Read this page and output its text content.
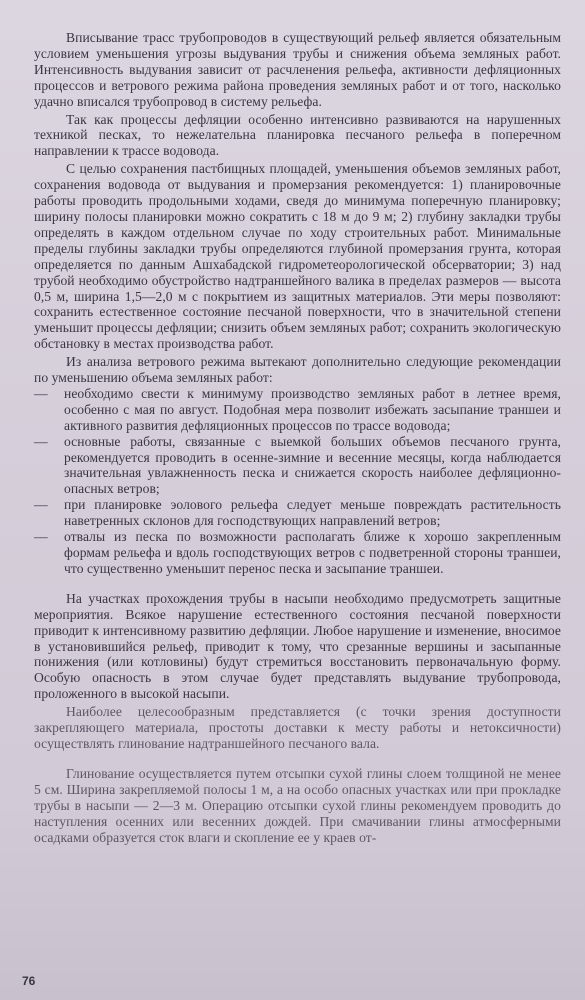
Вписывание трасс трубопроводов в существующий рельеф является обязательным условием уменьшения угрозы выдувания трубы и снижения объема земляных работ. Интенсивность выдувания зависит от расчленения рельефа, активности дефляционных процессов и ветрового режима района проведения земляных работ и от того, насколько удачно вписался трубопровод в систему рельефа.

Так как процессы дефляции особенно интенсивно развиваются на нарушенных техникой песках, то нежелательна планировка песчаного рельефа в поперечном направлении к трассе водовода.

С целью сохранения пастбищных площадей, уменьшения объемов земляных работ, сохранения водовода от выдувания и промерзания рекомендуется: 1) планировочные работы проводить продольными ходами, сведя до минимума поперечную планировку; ширину полосы планировки можно сократить с 18 м до 9 м; 2) глубину закладки трубы определять в каждом отдельном случае по ходу строительных работ. Минимальные пределы глубины закладки трубы определяются глубиной промерзания грунта, которая определяется по данным Ашхабадской гидрометеорологической обсерватории; 3) над трубой необходимо обустройство надтраншейного валика в пределах размеров — высота 0,5 м, ширина 1,5—2,0 м с покрытием из защитных материалов. Эти меры позволяют: сохранить естественное состояние песчаной поверхности, что в значительной степени уменьшит процессы дефляции; снизить объем земляных работ; сохранить экологическую обстановку в местах производства работ.

Из анализа ветрового режима вытекают дополнительно следующие рекомендации по уменьшению объема земляных работ:

—	необходимо свести к минимуму производство земляных работ в летнее время, особенно с мая по август. Подобная мера позволит избежать засыпание траншеи и активного развития дефляционных процессов по трассе водовода;
—	основные работы, связанные с выемкой больших объемов песчаного грунта, рекомендуется проводить в осенне-зимние и весенние месяцы, когда наблюдается значительная увлажненность песка и снижается скорость наиболее дефляционно-опасных ветров;
—	при планировке эолового рельефа следует меньше повреждать растительность наветренных склонов для господствующих направлений ветров;
—	отвалы из песка по возможности располагать ближе к хорошо закрепленным формам рельефа и вдоль господствующих ветров с подветренной стороны траншеи, что существенно уменьшит перенос песка и засыпание траншеи.

На участках прохождения трубы в насыпи необходимо предусмотреть защитные мероприятия. Всякое нарушение естественного состояния песчаной поверхности приводит к интенсивному развитию дефляции. Любое нарушение и изменение, вносимое в установившийся рельеф, приводит к тому, что срезанные вершины и засыпанные понижения (или котловины) будут стремиться восстановить первоначальную форму. Особую опасность в этом случае будет представлять выдувание трубопровода, проложенного в высокой насыпи.

Наиболее целесообразным представляется (с точки зрения доступности закрепляющего материала, простоты доставки к месту работы и нетоксичности) осуществлять глинование надтраншейного песчаного вала.

Глинование осуществляется путем отсыпки сухой глины слоем толщиной не менее 5 см. Ширина закрепляемой полосы 1 м, а на особо опасных участках или при прокладке трубы в насыпи — 2—3 м. Операцию отсыпки сухой глины рекомендуем проводить до наступления осенних или весенних дождей. При смачивании глины атмосферными осадками образуется сток влаги и скопление ее у краев от-

76
